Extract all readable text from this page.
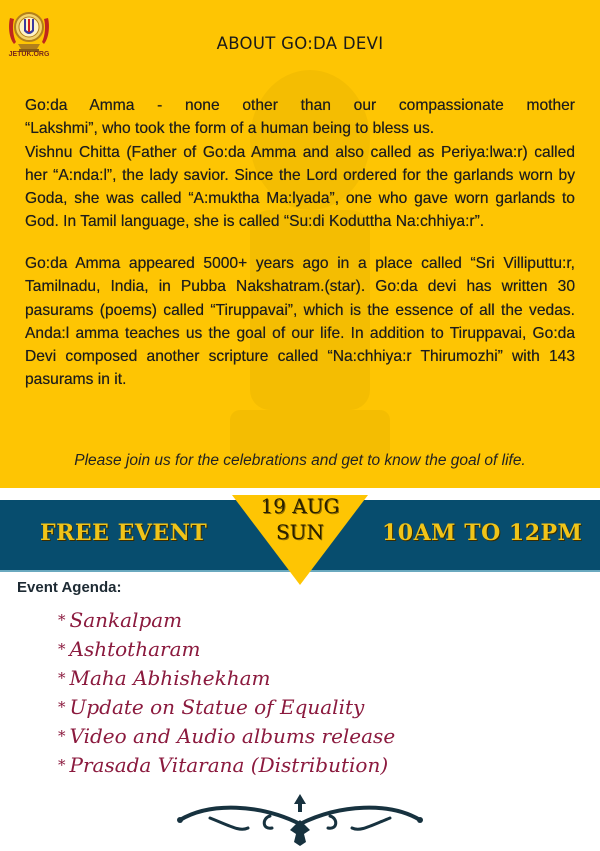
JETUK.ORG
ABOUT GO:DA DEVI

Go:da Amma - none other than our compassionate mother

“Lakshmi”, who took the form of a human being to bless us.

Vishnu Chitta (Father of Go:da Amma and also called as Periya:lwa:r) called her “A:nda:l”, the lady savior. Since the Lord ordered for the garlands worn by Goda, she was called “A:muktha Ma:lyada”, one who gave worn garlands to God. In Tamil language, she is called “Su:di Koduttha Na:chhiya:r”.

Go:da Amma appeared 5000+ years ago in a place called “Sri Villiputtu:r, Tamilnadu, India, in Pubba Nakshatram.(star). Go:da devi has written 30 pasurams (poems) called “Tiruppavai”, which is the essence of all the vedas. Anda:l amma teaches us the goal of our life. In addition to Tiruppavai, Go:da Devi composed another scripture called “Na:chhiya:r Thirumozhi” with 143 pasurams in it.

Please join us for the celebrations and get to know the goal of life.
FREE EVENT	10AM TO 12PM
19 AUG
SUN
Event Agenda:
* Sankalpam
* Ashtotharam
* Maha Abhishekham
* Update on Statue of Equality
* Video and Audio albums release
* Prasada Vitarana (Distribution)
